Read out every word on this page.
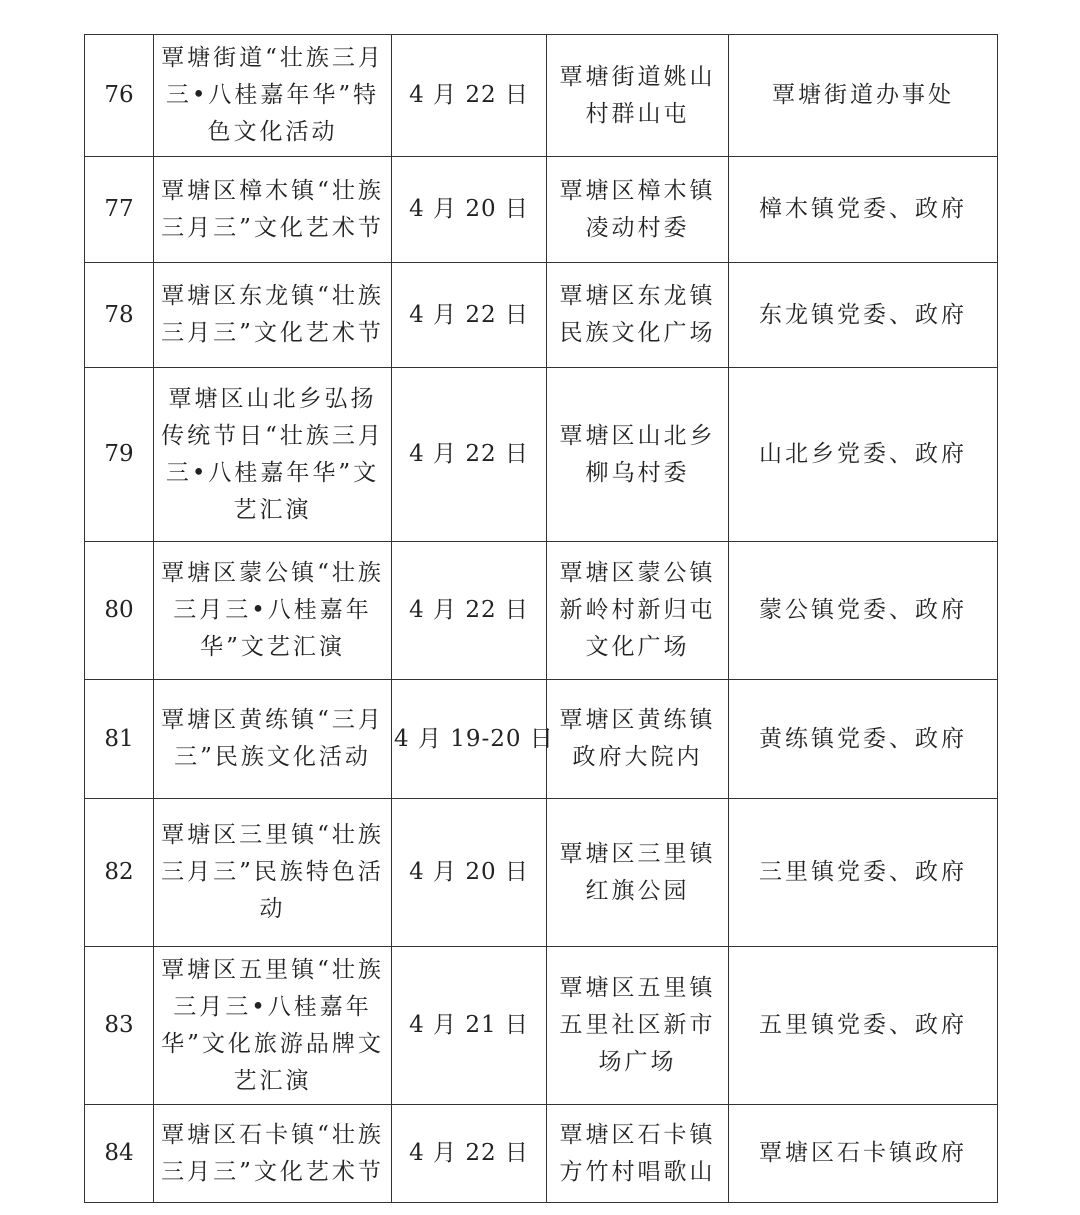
76	覃塘街道“壮族三月三•八桂嘉年华”特色文化活动	4 月 22 日	覃塘街道姚山村群山屯	覃塘街道办事处
77	覃塘区樟木镇“壮族三月三”文化艺术节	4 月 20 日	覃塘区樟木镇凌动村委	樟木镇党委、政府
78	覃塘区东龙镇“壮族三月三”文化艺术节	4 月 22 日	覃塘区东龙镇民族文化广场	东龙镇党委、政府
79	覃塘区山北乡弘扬传统节日“壮族三月三•八桂嘉年华”文艺汇演	4 月 22 日	覃塘区山北乡柳乌村委	山北乡党委、政府
80	覃塘区蒙公镇“壮族三月三•八桂嘉年华”文艺汇演	4 月 22 日	覃塘区蒙公镇新岭村新归屯文化广场	蒙公镇党委、政府
81	覃塘区黄练镇“三月三”民族文化活动	4 月 19-20 日	覃塘区黄练镇政府大院内	黄练镇党委、政府
82	覃塘区三里镇“壮族三月三”民族特色活动	4 月 20 日	覃塘区三里镇红旗公园	三里镇党委、政府
83	覃塘区五里镇“壮族三月三•八桂嘉年华”文化旅游品牌文艺汇演	4 月 21 日	覃塘区五里镇五里社区新市场广场	五里镇党委、政府
84	覃塘区石卡镇“壮族三月三”文化艺术节	4 月 22 日	覃塘区石卡镇方竹村唱歌山	覃塘区石卡镇政府
